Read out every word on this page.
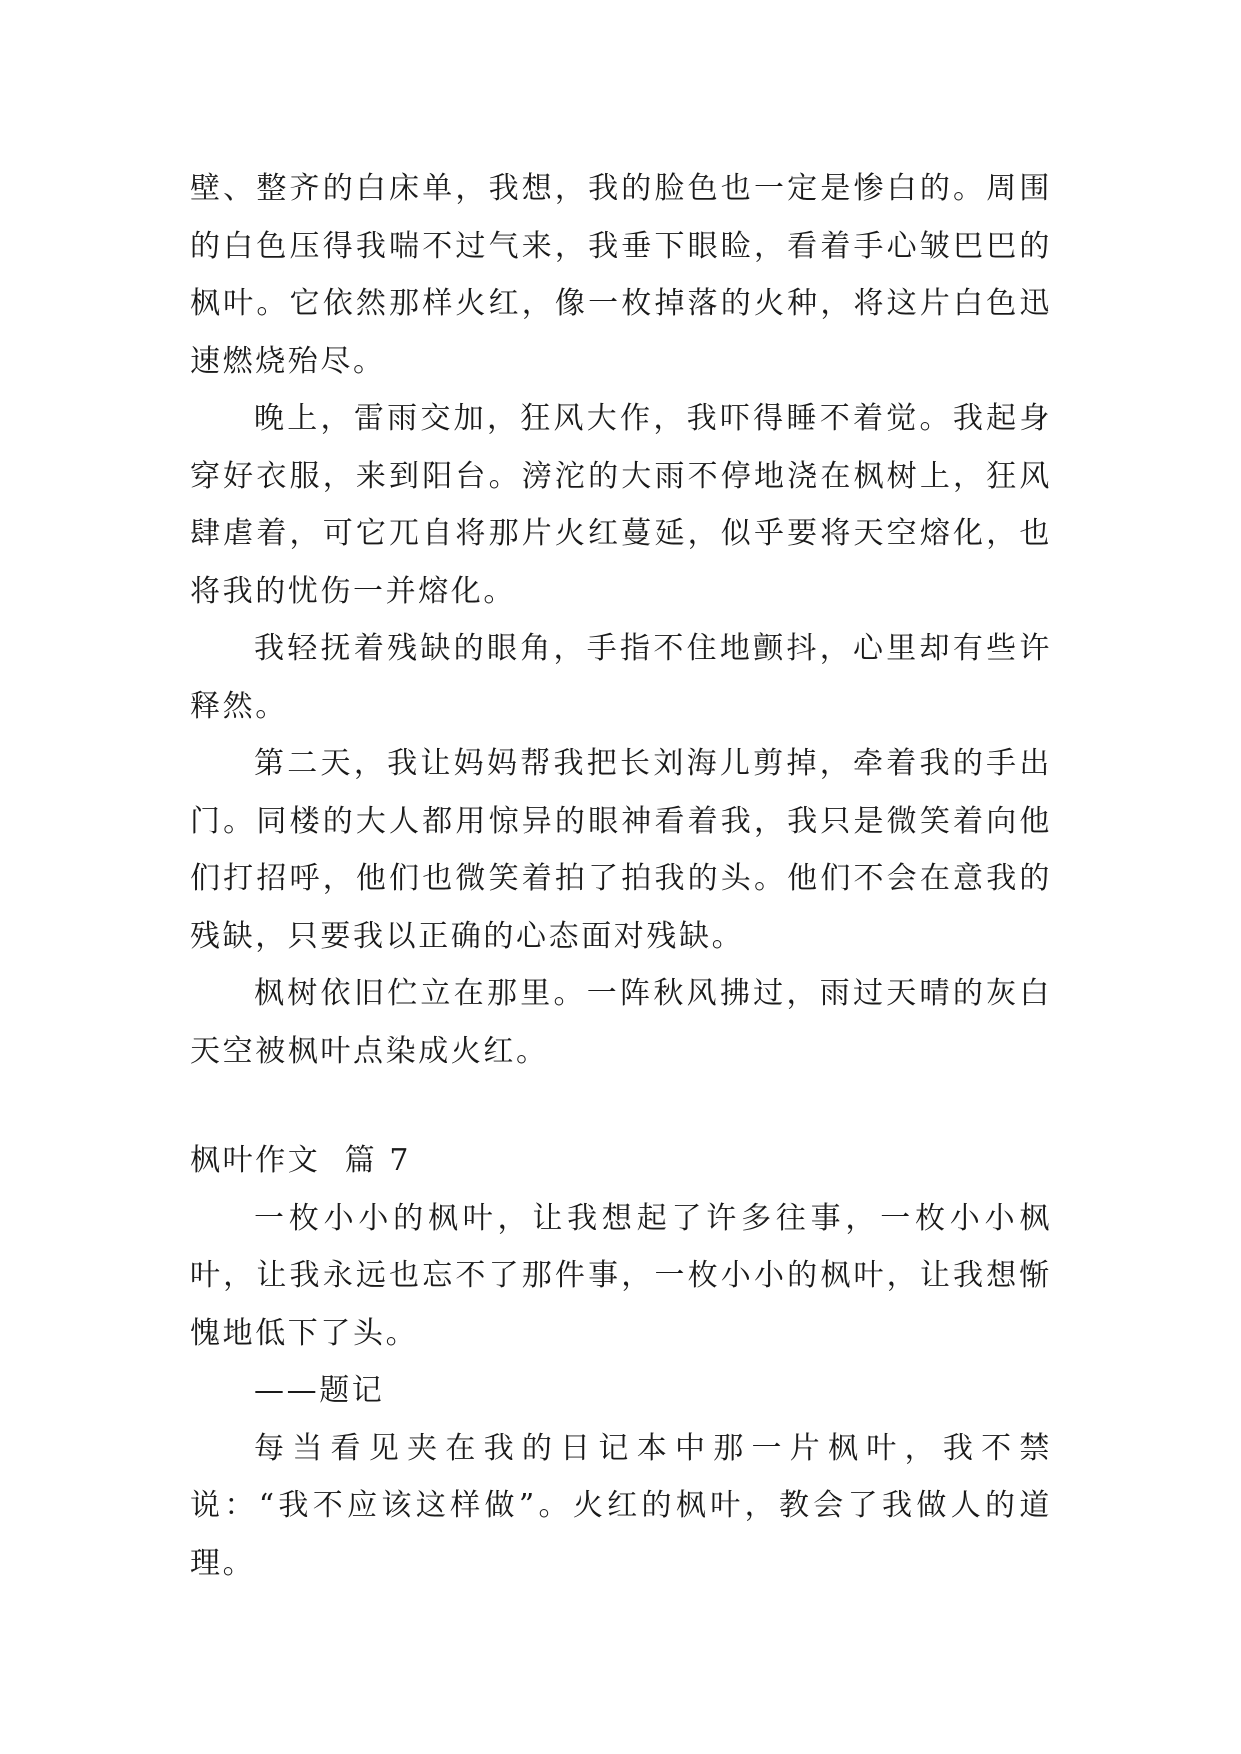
壁、整齐的白床单，我想，我的脸色也一定是惨白的。周围的白色压得我喘不过气来，我垂下眼睑，看着手心皱巴巴的枫叶。它依然那样火红，像一枚掉落的火种，将这片白色迅速燃烧殆尽。

晚上，雷雨交加，狂风大作，我吓得睡不着觉。我起身穿好衣服，来到阳台。滂沱的大雨不停地浇在枫树上，狂风肆虐着，可它兀自将那片火红蔓延，似乎要将天空熔化，也将我的忧伤一并熔化。

我轻抚着残缺的眼角，手指不住地颤抖，心里却有些许释然。

第二天，我让妈妈帮我把长刘海儿剪掉，牵着我的手出门。同楼的大人都用惊异的眼神看着我，我只是微笑着向他们打招呼，他们也微笑着拍了拍我的头。他们不会在意我的残缺，只要我以正确的心态面对残缺。

枫树依旧伫立在那里。一阵秋风拂过，雨过天晴的灰白天空被枫叶点染成火红。

枫叶作文  篇 7

一枚小小的枫叶，让我想起了许多往事，一枚小小枫叶，让我永远也忘不了那件事，一枚小小的枫叶，让我想惭愧地低下了头。

——题记

每当看见夹在我的日记本中那一片枫叶，我不禁说：“我不应该这样做”。火红的枫叶，教会了我做人的道理。
